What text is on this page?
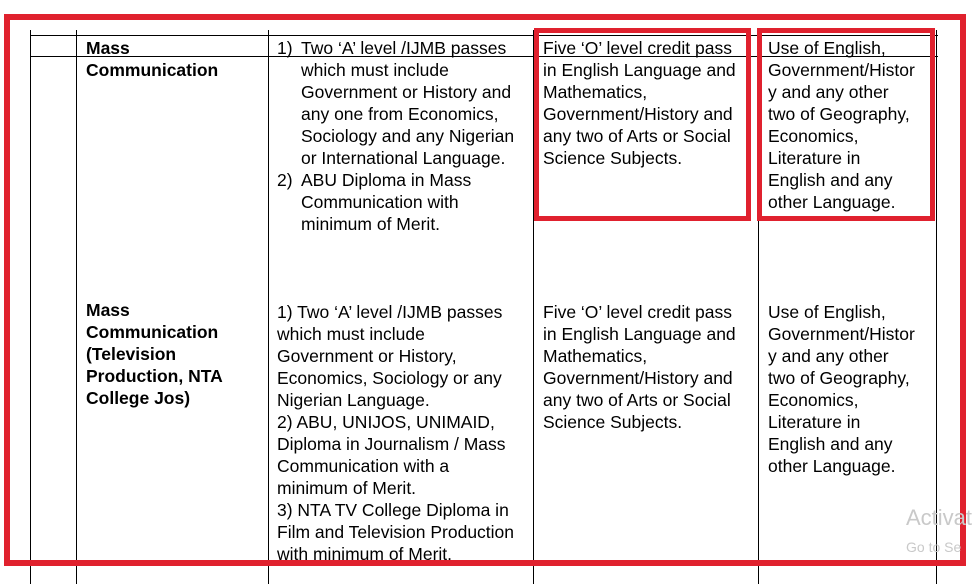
Mass
Communication
1) Two ‘A’ level /IJMB passes
which must include
Government or History and
any one from Economics,
Sociology and any Nigerian
or International Language.
2) ABU Diploma in Mass
Communication with
minimum of Merit.
Five ‘O’ level credit pass
in English Language and
Mathematics,
Government/History and
any two of Arts or Social
Science Subjects.
Use of English,
Government/Histor
y and any other
two of Geography,
Economics,
Literature in
English and any
other Language.
Mass
Communication
(Television
Production, NTA
College Jos)
1) Two ‘A’ level /IJMB passes
which must include
Government or History,
Economics, Sociology or any
Nigerian Language.
2) ABU, UNIJOS, UNIMAID,
Diploma in Journalism / Mass
Communication with a
minimum of Merit.
3) NTA TV College Diploma in
Film and Television Production
with minimum of Merit.
Five ‘O’ level credit pass
in English Language and
Mathematics,
Government/History and
any two of Arts or Social
Science Subjects.
Use of English,
Government/Histor
y and any other
two of Geography,
Economics,
Literature in
English and any
other Language.
Activat
Go to Se
